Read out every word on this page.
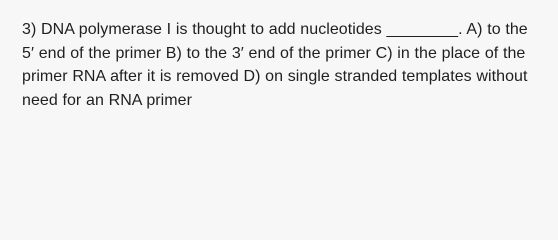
3) DNA polymerase I is thought to add nucleotides ________. A) to the 5′ end of the primer B) to the 3′ end of the primer C) in the place of the primer RNA after it is removed D) on single stranded templates without need for an RNA primer
